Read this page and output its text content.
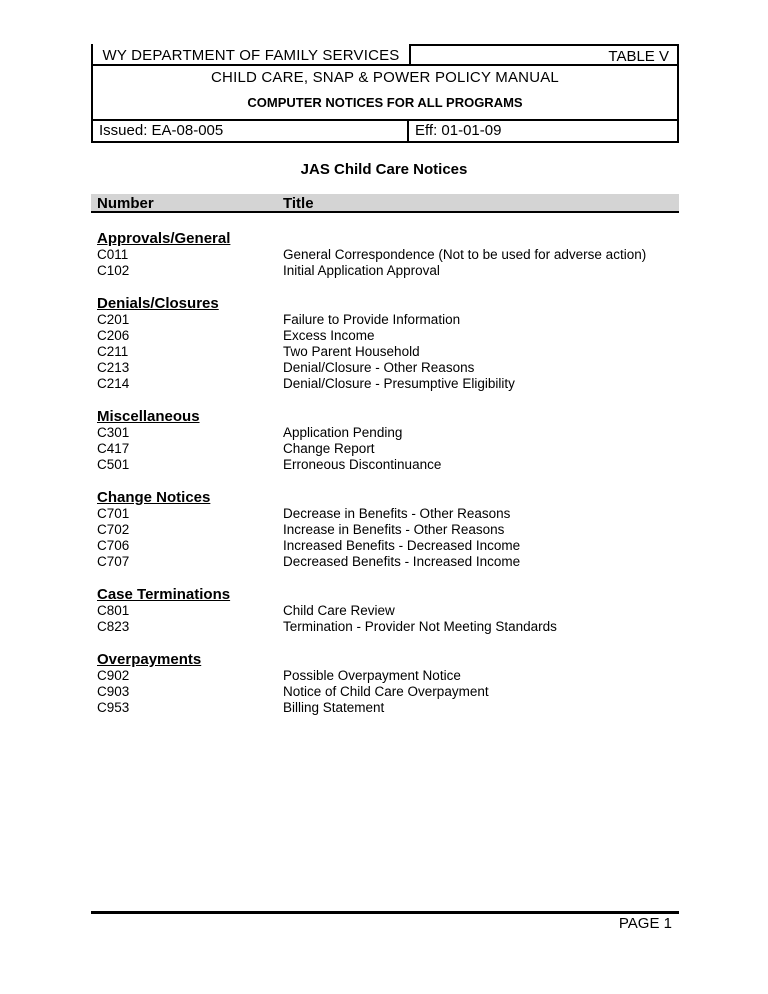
WY DEPARTMENT OF FAMILY SERVICES	TABLE V
CHILD CARE, SNAP & POWER POLICY MANUAL
COMPUTER NOTICES FOR ALL PROGRAMS
Issued: EA-08-005	Eff: 01-01-09
JAS Child Care Notices
Number	Title
Approvals/General
C011	General Correspondence (Not to be used for adverse action)
C102	Initial Application Approval
Denials/Closures
C201	Failure to Provide Information
C206	Excess Income
C211	Two Parent Household
C213	Denial/Closure - Other Reasons
C214	Denial/Closure - Presumptive Eligibility
Miscellaneous
C301	Application Pending
C417	Change Report
C501	Erroneous Discontinuance
Change Notices
C701	Decrease in Benefits - Other Reasons
C702	Increase in Benefits - Other Reasons
C706	Increased Benefits - Decreased Income
C707	Decreased Benefits - Increased Income
Case Terminations
C801	Child Care Review
C823	Termination - Provider Not Meeting Standards
Overpayments
C902	Possible Overpayment Notice
C903	Notice of Child Care Overpayment
C953	Billing Statement
PAGE 1
